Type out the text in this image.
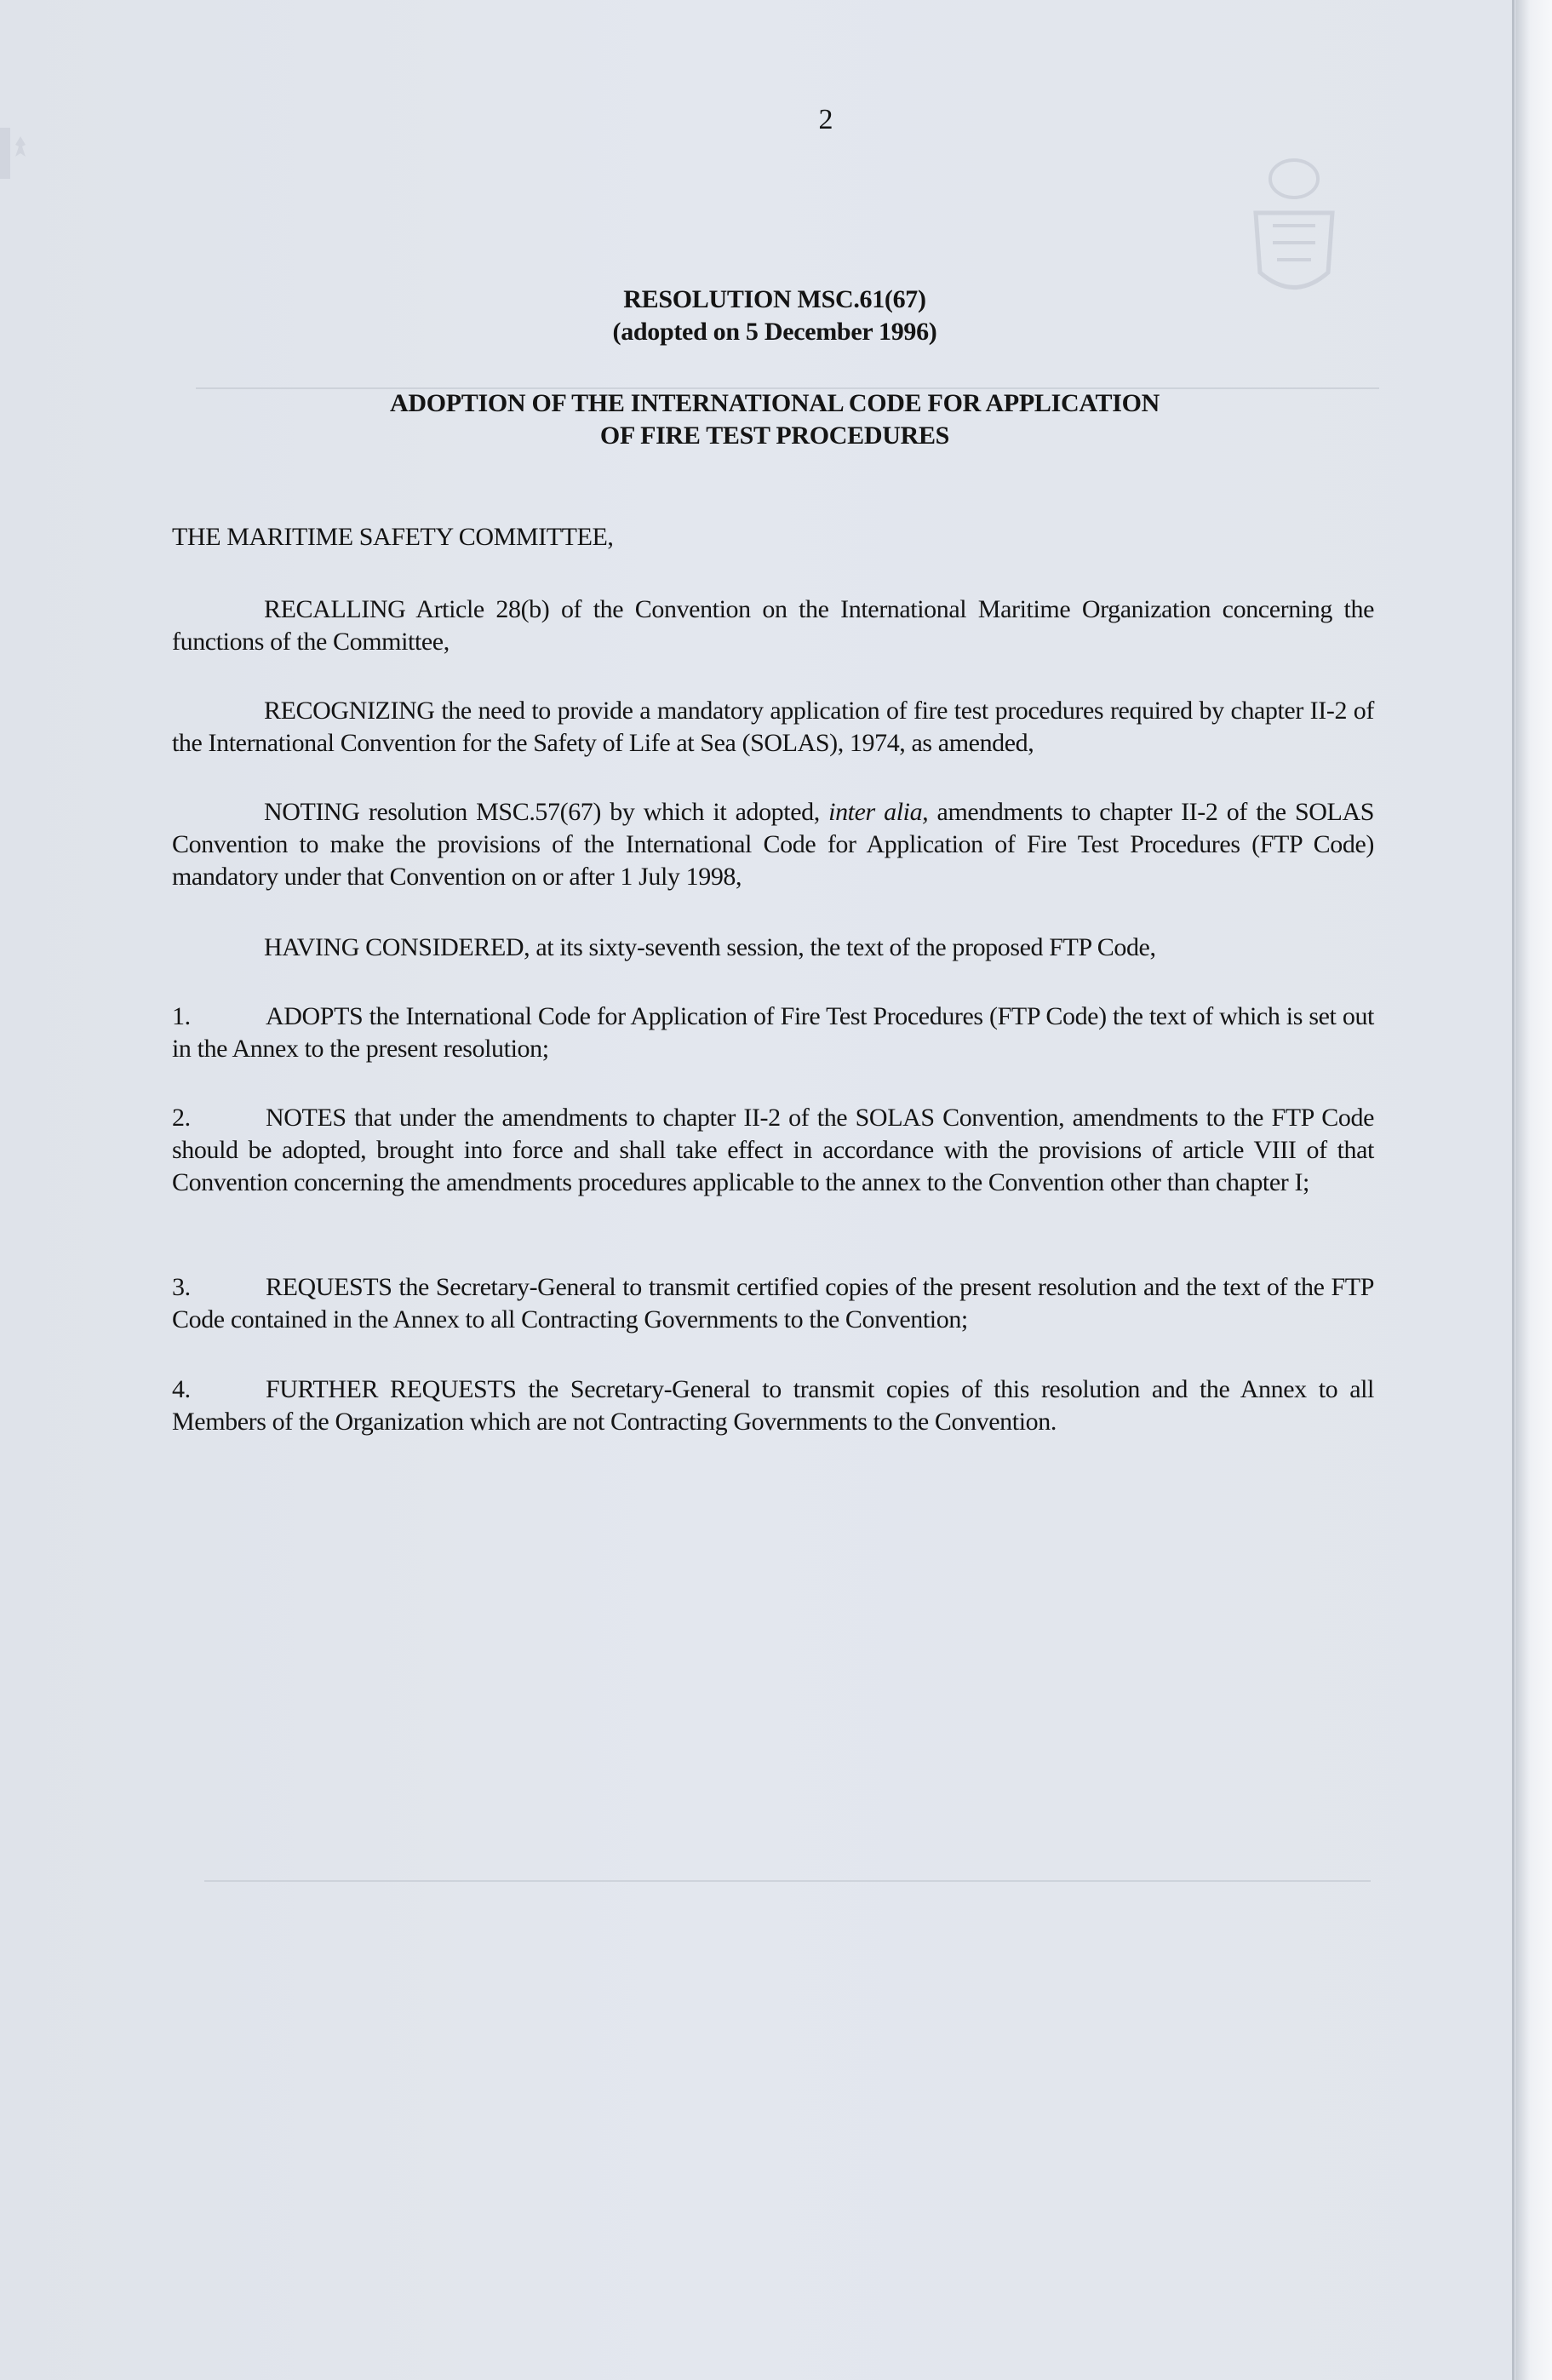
2
RESOLUTION MSC.61(67)
(adopted on 5 December 1996)
ADOPTION OF THE INTERNATIONAL CODE FOR APPLICATION
OF FIRE TEST PROCEDURES
THE MARITIME SAFETY COMMITTEE,
RECALLING Article 28(b) of the Convention on the International Maritime Organization concerning the functions of the Committee,
RECOGNIZING the need to provide a mandatory application of fire test procedures required by chapter II-2 of the International Convention for the Safety of Life at Sea (SOLAS), 1974, as amended,
NOTING resolution MSC.57(67) by which it adopted, inter alia, amendments to chapter II-2 of the SOLAS Convention to make the provisions of the International Code for Application of Fire Test Procedures (FTP Code) mandatory under that Convention on or after 1 July 1998,
HAVING CONSIDERED, at its sixty-seventh session, the text of the proposed FTP Code,
1.	ADOPTS the International Code for Application of Fire Test Procedures (FTP Code) the text of which is set out in the Annex to the present resolution;
2.	NOTES that under the amendments to chapter II-2 of the SOLAS Convention, amendments to the FTP Code should be adopted, brought into force and shall take effect in accordance with the provisions of article VIII of that Convention concerning the amendments procedures applicable to the annex to the Convention other than chapter I;
3.	REQUESTS the Secretary-General to transmit certified copies of the present resolution and the text of the FTP Code contained in the Annex to all Contracting Governments to the Convention;
4.	FURTHER REQUESTS the Secretary-General to transmit copies of this resolution and the Annex to all Members of the Organization which are not Contracting Governments to the Convention.
